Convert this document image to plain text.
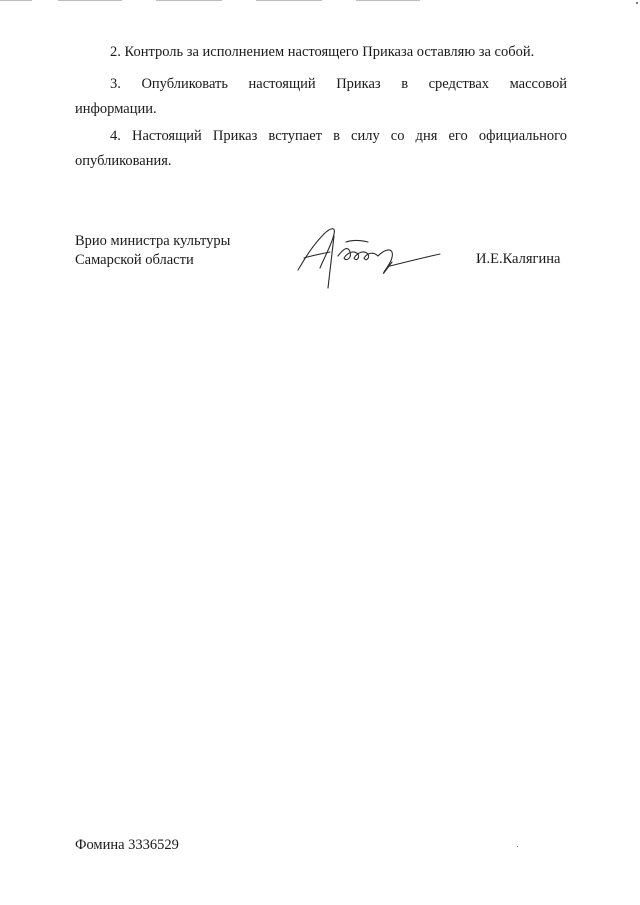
2. Контроль за исполнением настоящего Приказа оставляю за собой.
3. Опубликовать настоящий Приказ в средствах массовой
информации.
4. Настоящий Приказ вступает в силу со дня его официального
опубликования.
Врио министра культуры
Самарской области	И.Е.Калягина
Фомина 3336529
